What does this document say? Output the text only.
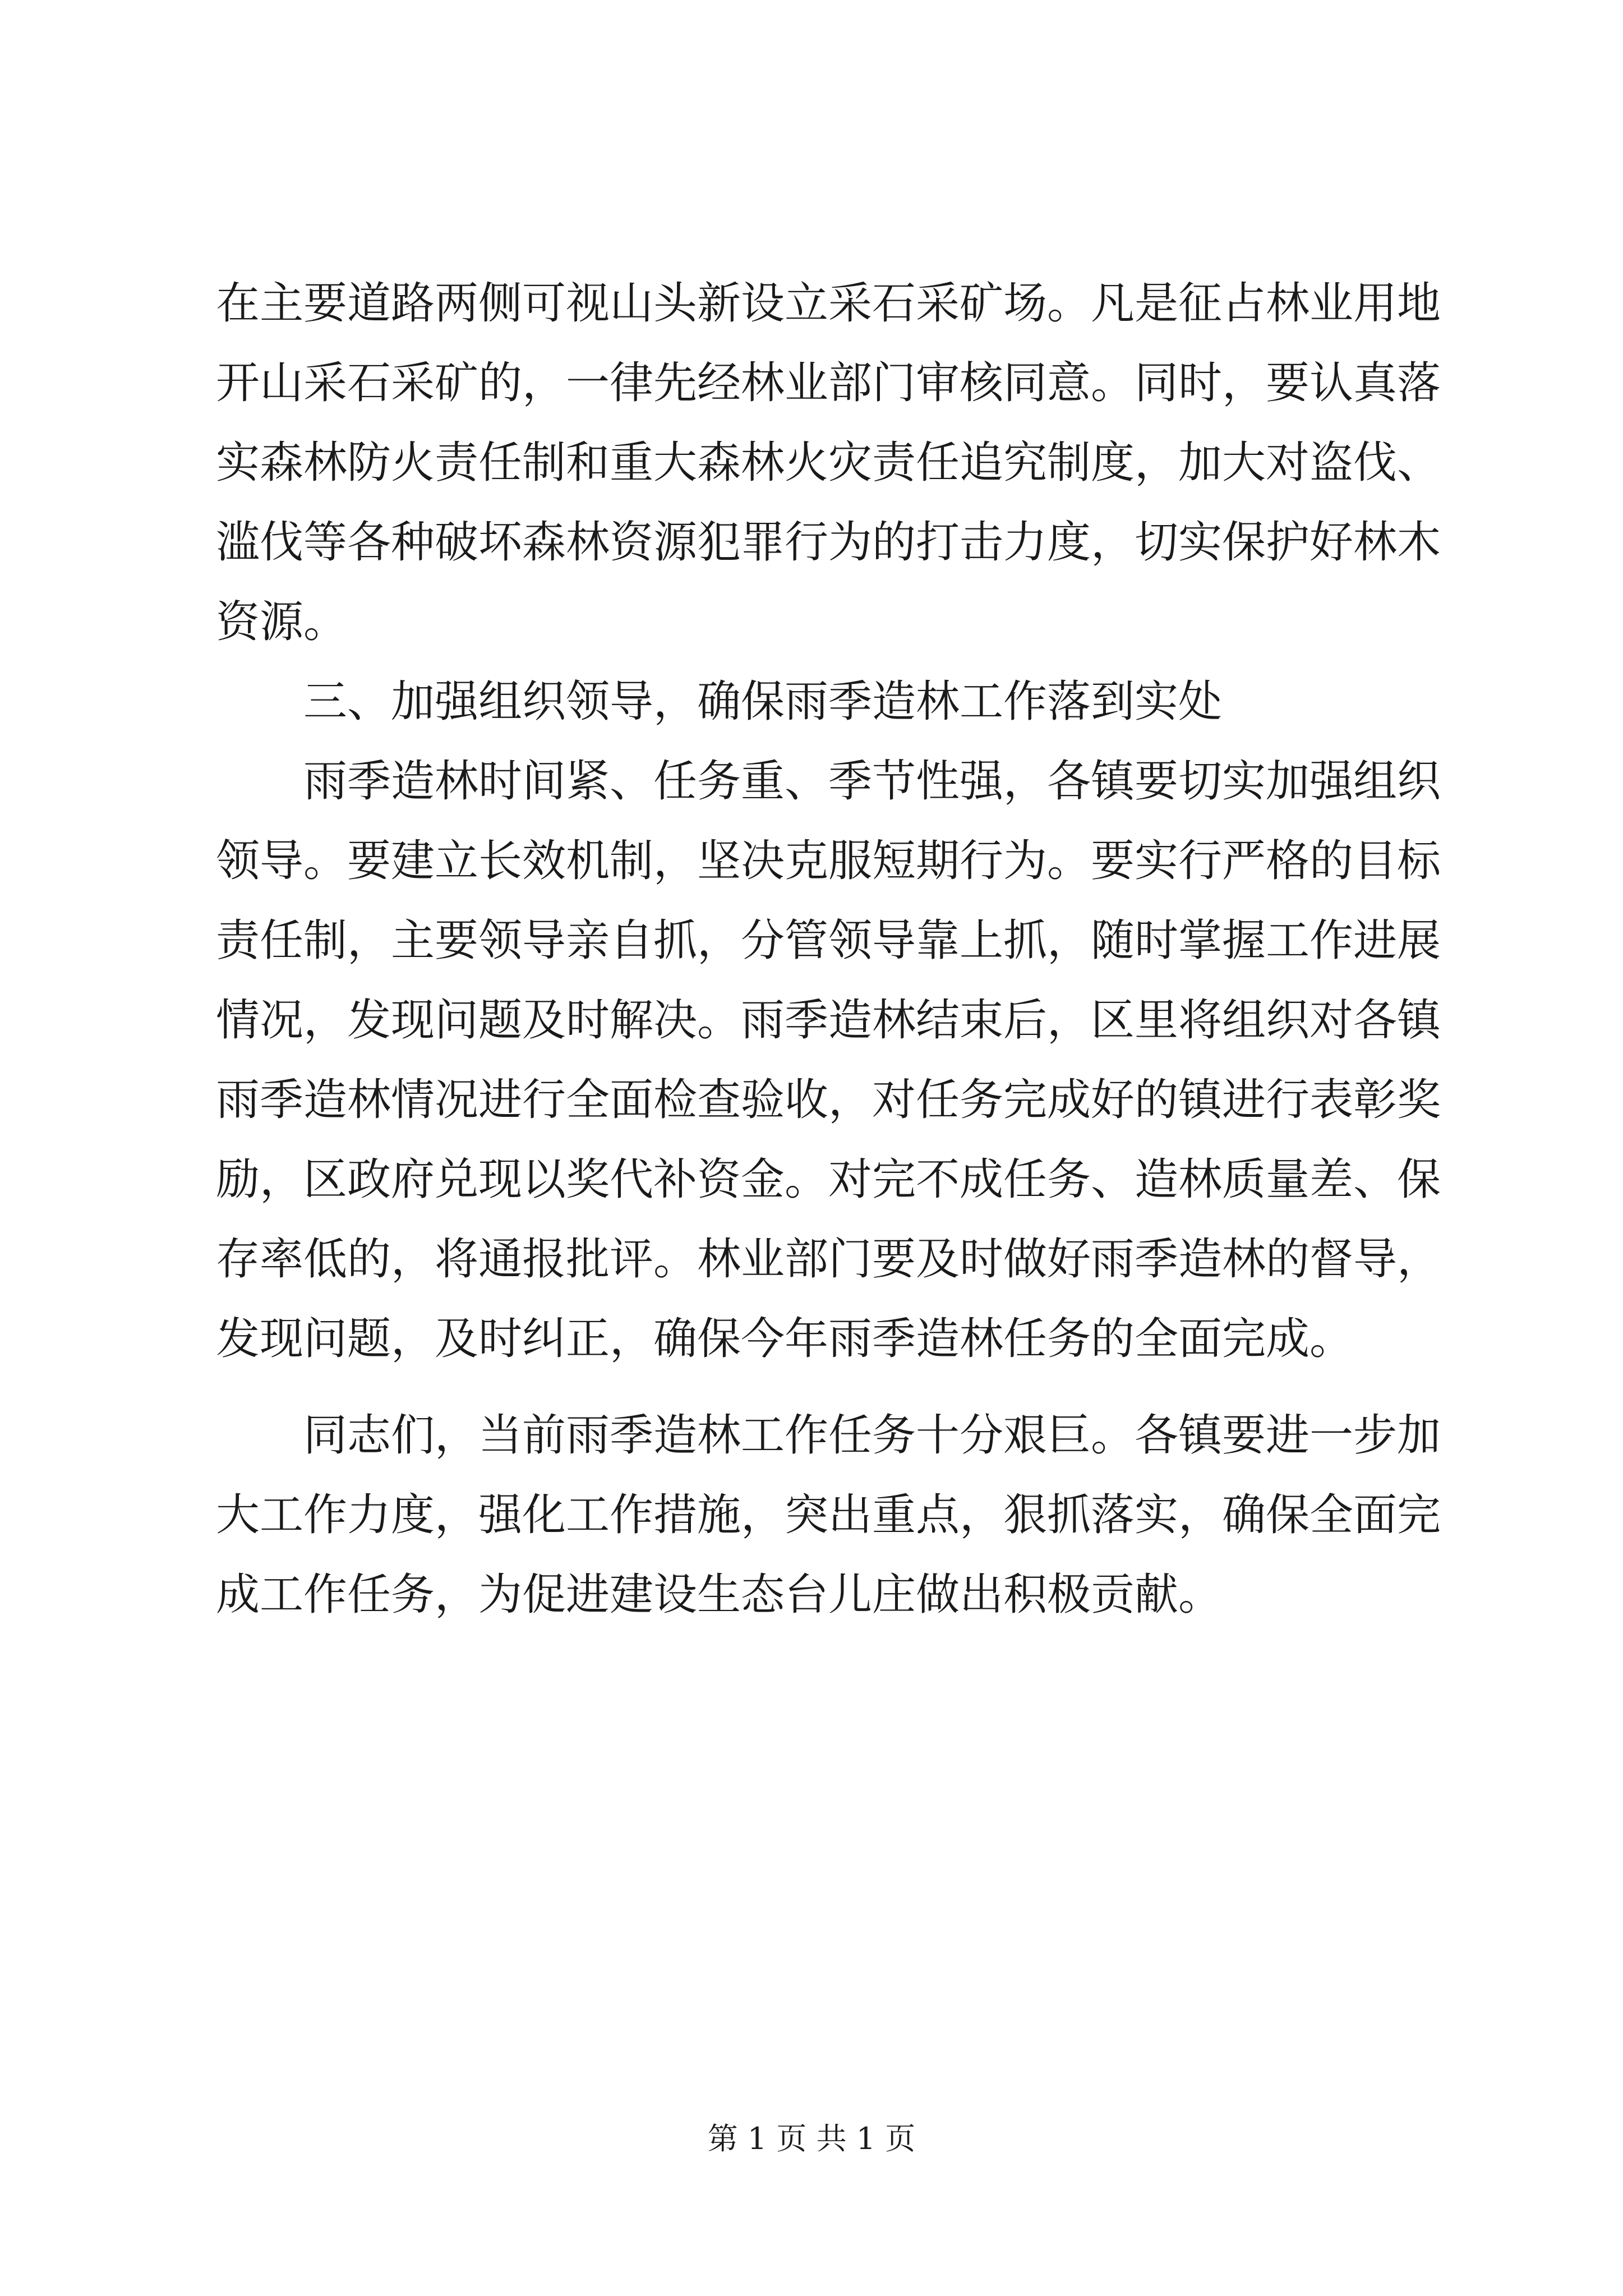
在主要道路两侧可视山头新设立采石采矿场。凡是征占林业用地
开山采石采矿的，一律先经林业部门审核同意。同时，要认真落
实森林防火责任制和重大森林火灾责任追究制度，加大对盗伐、
滥伐等各种破坏森林资源犯罪行为的打击力度，切实保护好林木
资源。
　　三、加强组织领导，确保雨季造林工作落到实处
　　雨季造林时间紧、任务重、季节性强，各镇要切实加强组织
领导。要建立长效机制，坚决克服短期行为。要实行严格的目标
责任制，主要领导亲自抓，分管领导靠上抓，随时掌握工作进展
情况，发现问题及时解决。雨季造林结束后，区里将组织对各镇
雨季造林情况进行全面检查验收，对任务完成好的镇进行表彰奖
励，区政府兑现以奖代补资金。对完不成任务、造林质量差、保
存率低的，将通报批评。林业部门要及时做好雨季造林的督导，
发现问题，及时纠正，确保今年雨季造林任务的全面完成。
　　同志们，当前雨季造林工作任务十分艰巨。各镇要进一步加
大工作力度，强化工作措施，突出重点，狠抓落实，确保全面完
成工作任务，为促进建设生态台儿庄做出积极贡献。
第 1 页 共 1 页
